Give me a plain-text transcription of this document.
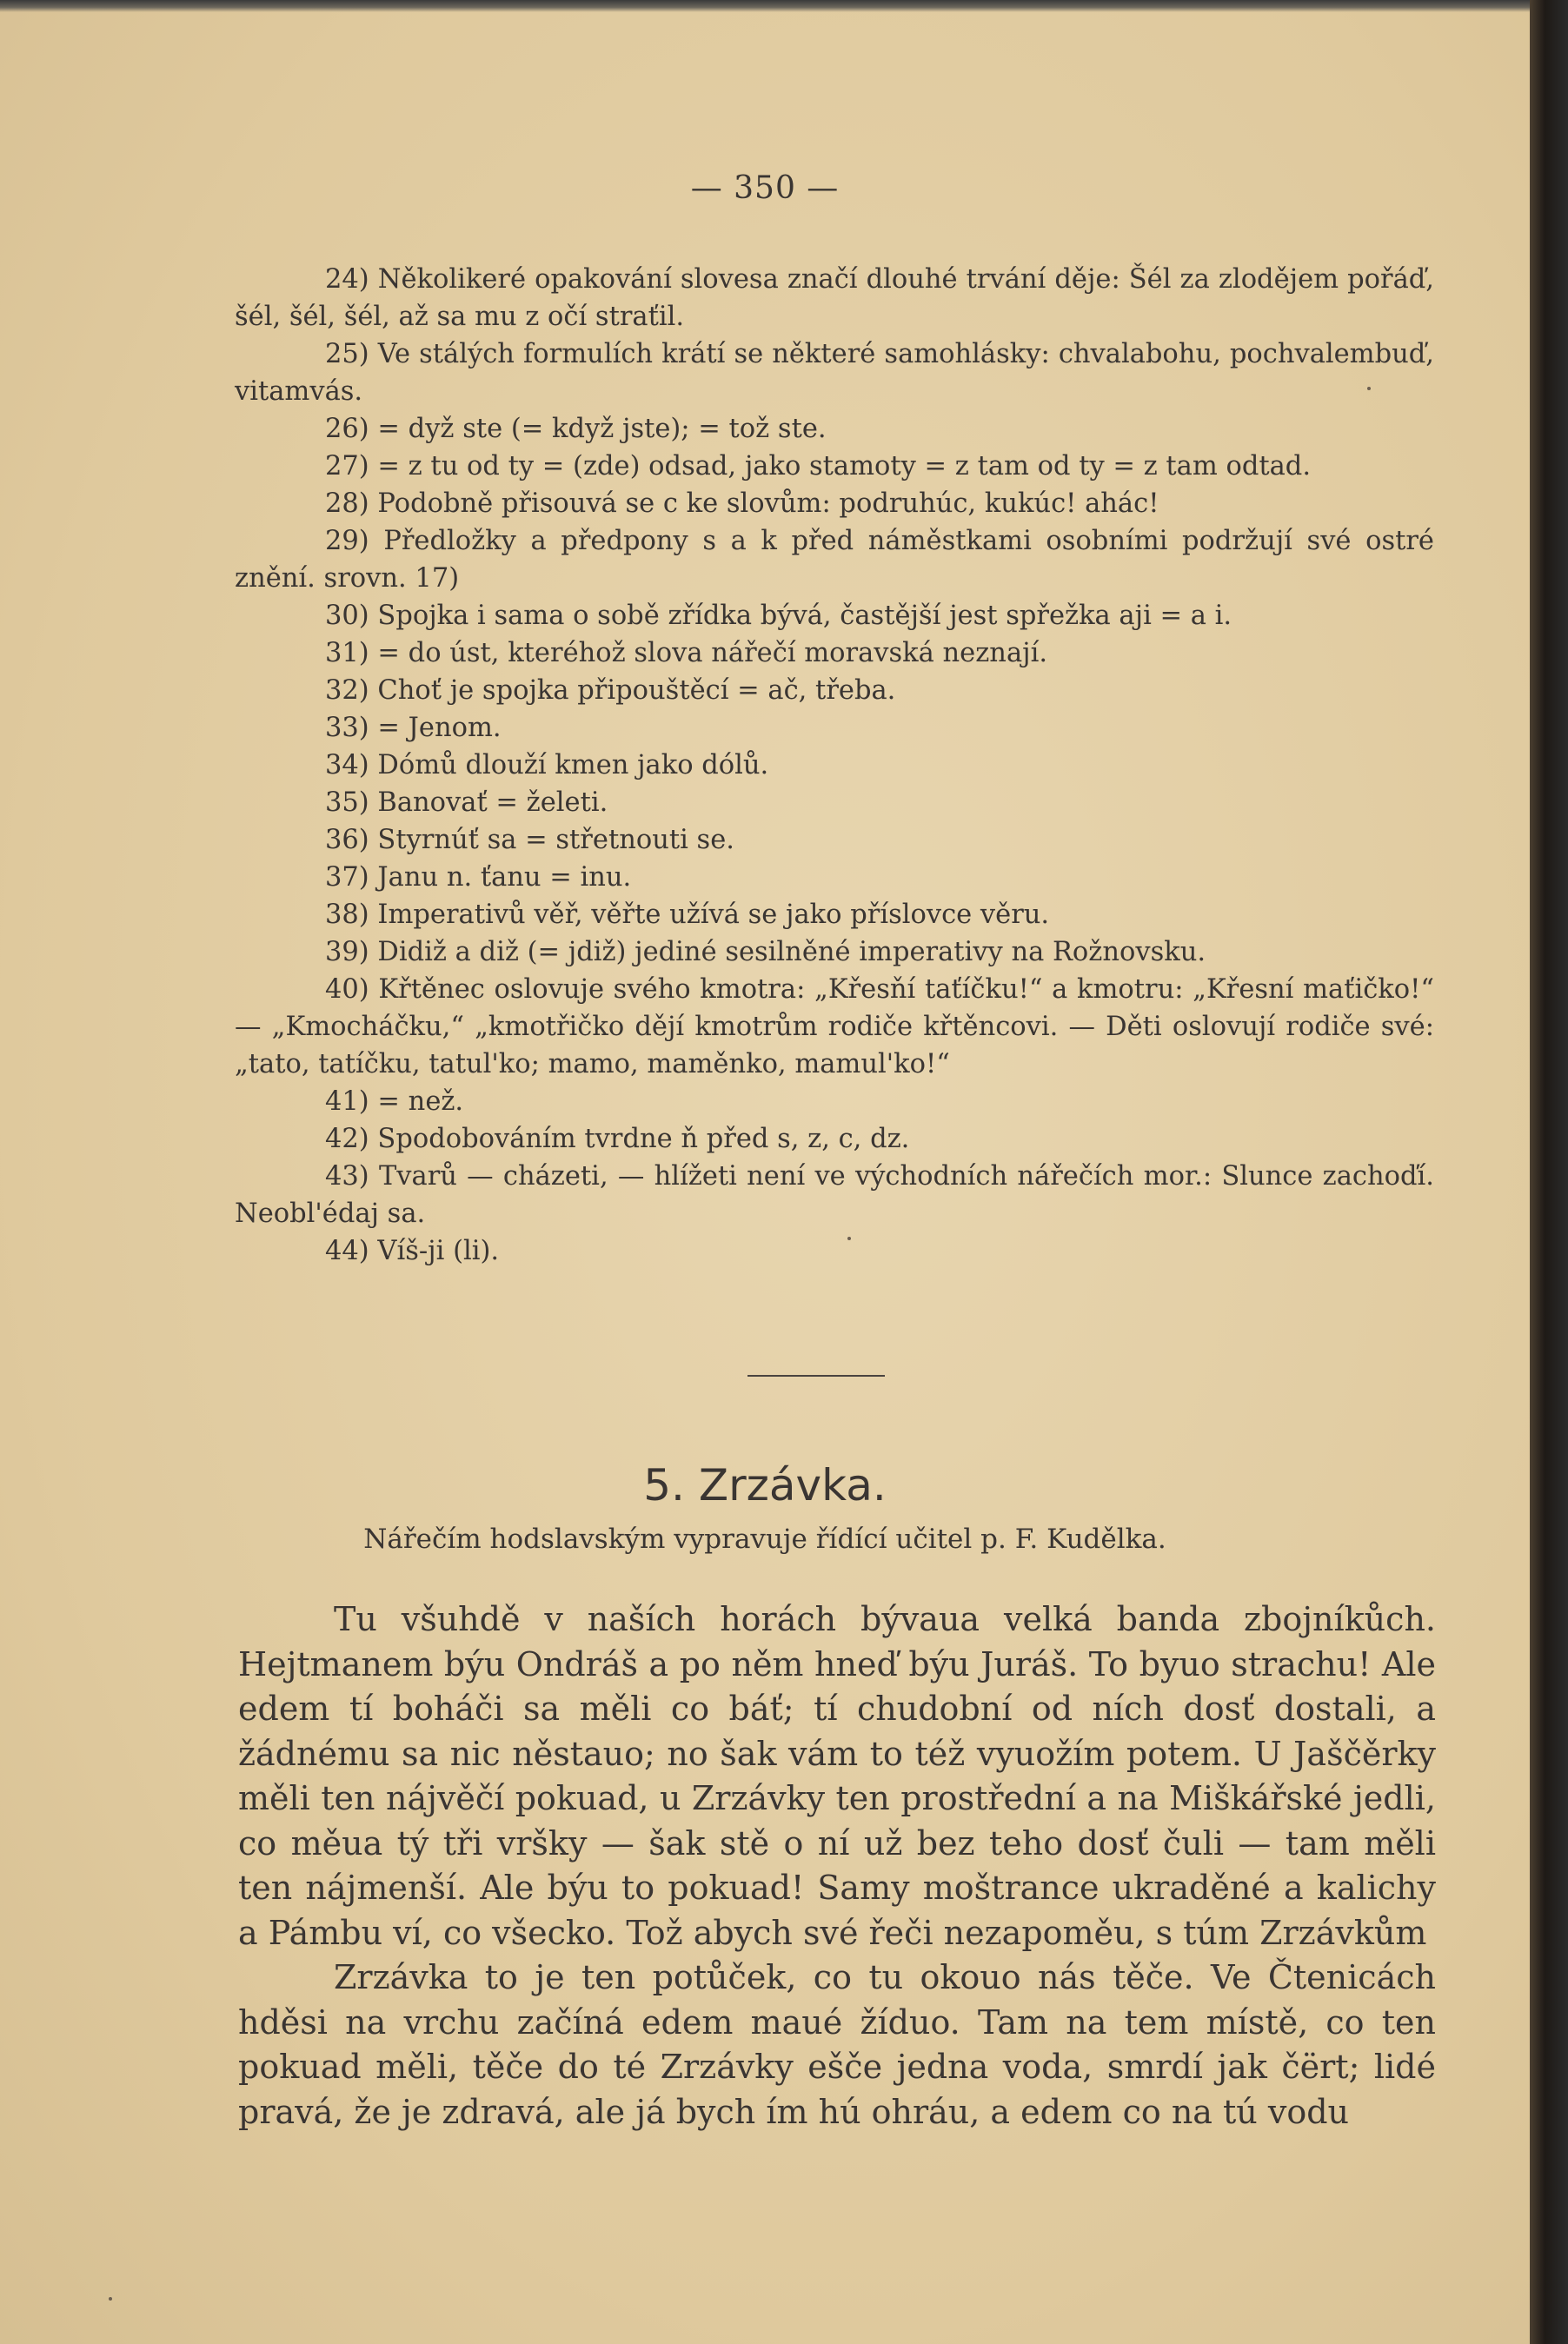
— 350 —

24) Několikeré opakování slovesa značí dlouhé trvání děje: Šél za zlodějem pořáď, šél, šél, šél, až sa mu z očí straťil.

25) Ve stálých formulích krátí se některé samohlásky: chvalabohu, pochvalembuď, vitamvás.

26) = dyž ste (= když jste); = tož ste.

27) = z tu od ty = (zde) odsad, jako stamoty = z tam od ty = z tam odtad.

28) Podobně přisouvá se c ke slovům: podruhúc, kukúc! ahác!

29) Předložky a předpony s a k před náměstkami osobními podržují své ostré znění. srovn. 17)

30) Spojka i sama o sobě zřídka bývá, častější jest spřežka aji = a i.

31) = do úst, kteréhož slova nářečí moravská neznají.

32) Choť je spojka připouštěcí = ač, třeba.

33) = Jenom.

34) Dómů dlouží kmen jako dólů.

35) Banovať = želeti.

36) Styrnúť sa = střetnouti se.

37) Janu n. ťanu = inu.

38) Imperativů věř, věřte užívá se jako příslovce věru.

39) Didiž a diž (= jdiž) jediné sesilněné imperativy na Rožnovsku.

40) Křtěnec oslovuje svého kmotra: „Křesňí taťíčku!“ a kmotru: „Křesní maťičko!“ — „Kmocháčku,“ „kmotřičko dějí kmotrům rodiče křtěncovi. — Děti oslovují rodiče své: „tato, tatíčku, tatul'ko; mamo, maměnko, mamul'ko!“

41) = než.

42) Spodobováním tvrdne ň před s, z, c, dz.

43) Tvarů — cházeti, — hlížeti není ve východních nářečích mor.: Slunce zachoďí. Neobl'édaj sa.

44) Víš-ji (li).

5. Zrzávka.
Nářečím hodslavským vypravuje řídící učitel p. F. Kudělka.

Tu všuhdě v naších horách bývaua velká banda zbojníkůch. Hejtmanem býu Ondráš a po něm hneď býu Juráš. To byuo strachu! Ale edem tí boháči sa měli co báť; tí chudobní od ních dosť dostali, a žádnému sa nic něstauo; no šak vám to též vyuožím potem. U Jaščěrky měli ten nájvěčí pokuad, u Zrzávky ten prostřední a na Miškářské jedli, co měua tý tři vršky — šak stě o ní už bez teho dosť čuli — tam měli ten nájmenší. Ale býu to pokuad! Samy moštrance ukraděné a kalichy a Pámbu ví, co všecko. Tož abych své řeči nezapoměu, s túm Zrzávkům

Zrzávka to je ten potůček, co tu okouo nás těče. Ve Čtenicách hděsi na vrchu začíná edem maué žíduo. Tam na tem místě, co ten pokuad měli, těče do té Zrzávky ešče jedna voda, smrdí jak čërt; lidé pravá, že je zdravá, ale já bych ím hú ohráu, a edem co na tú vodu
